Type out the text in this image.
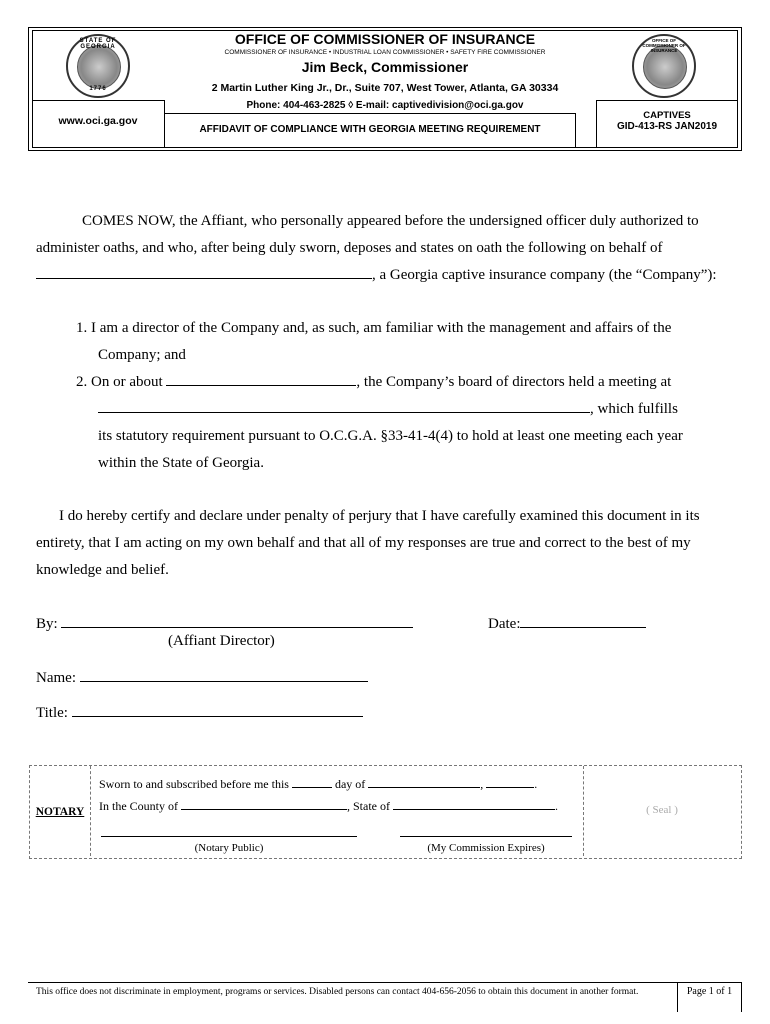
STATE OF GEORGIA
1776
OFFICE OF COMMISSIONER OF INSURANCE
OFFICE OF COMMISSIONER OF INSURANCE
COMMISSIONER OF INSURANCE • INDUSTRIAL LOAN COMMISSIONER • SAFETY FIRE COMMISSIONER
Jim Beck, Commissioner
2 Martin Luther King Jr., Dr., Suite 707, West Tower, Atlanta, GA 30334
Phone: 404-463-2825 ◊ E-mail: captivedivision@oci.ga.gov
www.oci.ga.gov
AFFIDAVIT OF COMPLIANCE WITH GEORGIA MEETING REQUIREMENT
CAPTIVES
GID-413-RS JAN2019
COMES NOW, the Affiant, who personally appeared before the undersigned officer duly authorized to
administer oaths, and who, after being duly sworn, deposes and states on oath the following on behalf of
, a Georgia captive insurance company (the “Company”):
1. I am a director of the Company and, as such, am familiar with the management and affairs of the
Company; and
2. On or about	, the Company’s board of directors held a meeting at
, which fulfills
its statutory requirement pursuant to O.C.G.A. §33-41-4(4) to hold at least one meeting each year
within the State of Georgia.
I do hereby certify and declare under penalty of perjury that I have carefully examined this document in its
entirety, that I am acting on my own behalf and that all of my responses are true and correct to the best of my
knowledge and belief.
By:
(Affiant Director)
Date:
Name:
Title:
NOTARY
Sworn to and subscribed before me this	day of	,	.
In the County of	, State of	.
(Notary Public)	(My Commission Expires)
( Seal )
This office does not discriminate in employment, programs or services. Disabled persons can contact 404-656-2056 to obtain this document in another format.	Page 1 of 1
